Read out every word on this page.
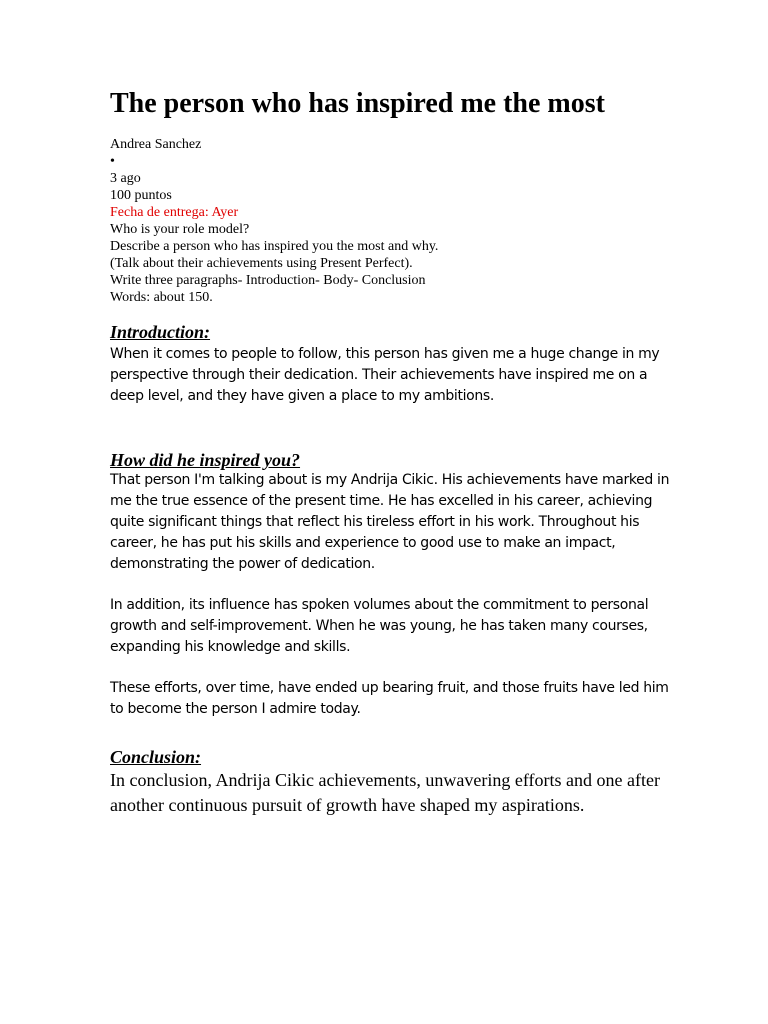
The person who has inspired me the most
Andrea Sanchez
•
3 ago
100 puntos
Fecha de entrega: Ayer
Who is your role model?
Describe a person who has inspired you the most and why.
(Talk about their achievements using Present Perfect).
Write three paragraphs- Introduction- Body- Conclusion
Words: about 150.
Introduction:

When it comes to people to follow, this person has given me a huge change in my perspective through their dedication. Their achievements have inspired me on a deep level, and they have given a place to my ambitions.

How did he inspired you?

That person I'm talking about is my Andrija Cikic. His achievements have marked in me the true essence of the present time. He has excelled in his career, achieving quite significant things that reflect his tireless effort in his work. Throughout his career, he has put his skills and experience to good use to make an impact, demonstrating the power of dedication.

In addition, its influence has spoken volumes about the commitment to personal growth and self-improvement. When he was young, he has taken many courses, expanding his knowledge and skills.

These efforts, over time, have ended up bearing fruit, and those fruits have led him to become the person I admire today.

Conclusion:

In conclusion, Andrija Cikic achievements, unwavering efforts and one after another continuous pursuit of growth have shaped my aspirations.
